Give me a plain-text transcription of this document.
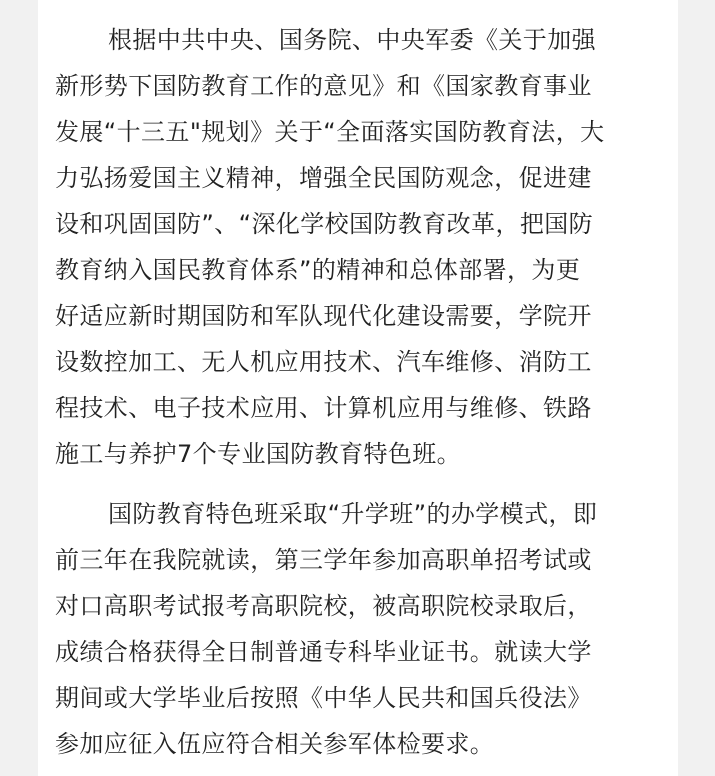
根据中共中央、国务院、中央军委《关于加强
新形势下国防教育工作的意见》和《国家教育事业
发展“十三五"规划》关于“全面落实国防教育法，大
力弘扬爱国主义精神，增强全民国防观念，促进建
设和巩固国防”、“深化学校国防教育改革，把国防
教育纳入国民教育体系”的精神和总体部署，为更
好适应新时期国防和军队现代化建设需要，学院开
设数控加工、无人机应用技术、汽车维修、消防工
程技术、电子技术应用、计算机应用与维修、铁路
施工与养护7个专业国防教育特色班。
国防教育特色班采取“升学班”的办学模式，即
前三年在我院就读，第三学年参加高职单招考试或
对口高职考试报考高职院校，被高职院校录取后，
成绩合格获得全日制普通专科毕业证书。就读大学
期间或大学毕业后按照《中华人民共和国兵役法》
参加应征入伍应符合相关参军体检要求。
